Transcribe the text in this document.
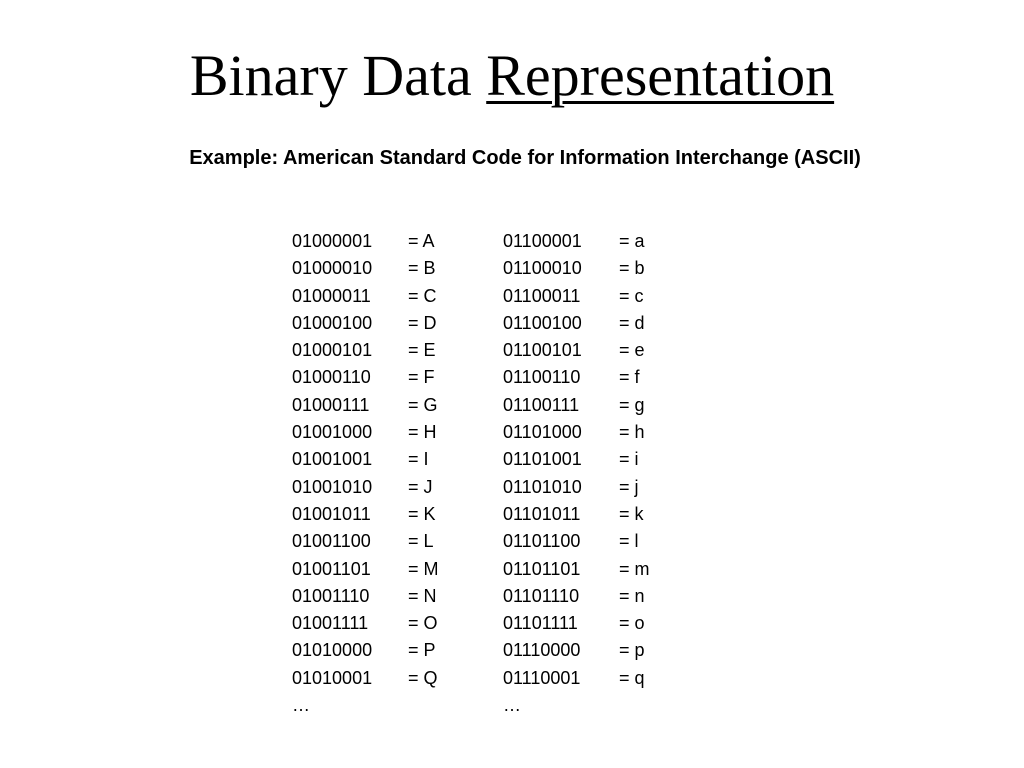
Binary Data Representation
Example: American Standard Code for Information Interchange (ASCII)
01000001 = A	01100001 = a
01000010 = B	01100010 = b
01000011 = C	01100011 = c
01000100 = D	01100100 = d
01000101 = E	01100101 = e
01000110 = F	01100110 = f
01000111 = G	01100111 = g
01001000 = H	01101000 = h
01001001 = I	01101001 = i
01001010 = J	01101010 = j
01001011 = K	01101011 = k
01001100 = L	01101100 = l
01001101 = M	01101101 = m
01001110 = N	01101110 = n
01001111 = O	01101111 = o
01010000 = P	01110000 = p
01010001 = Q	01110001 = q
…	…
